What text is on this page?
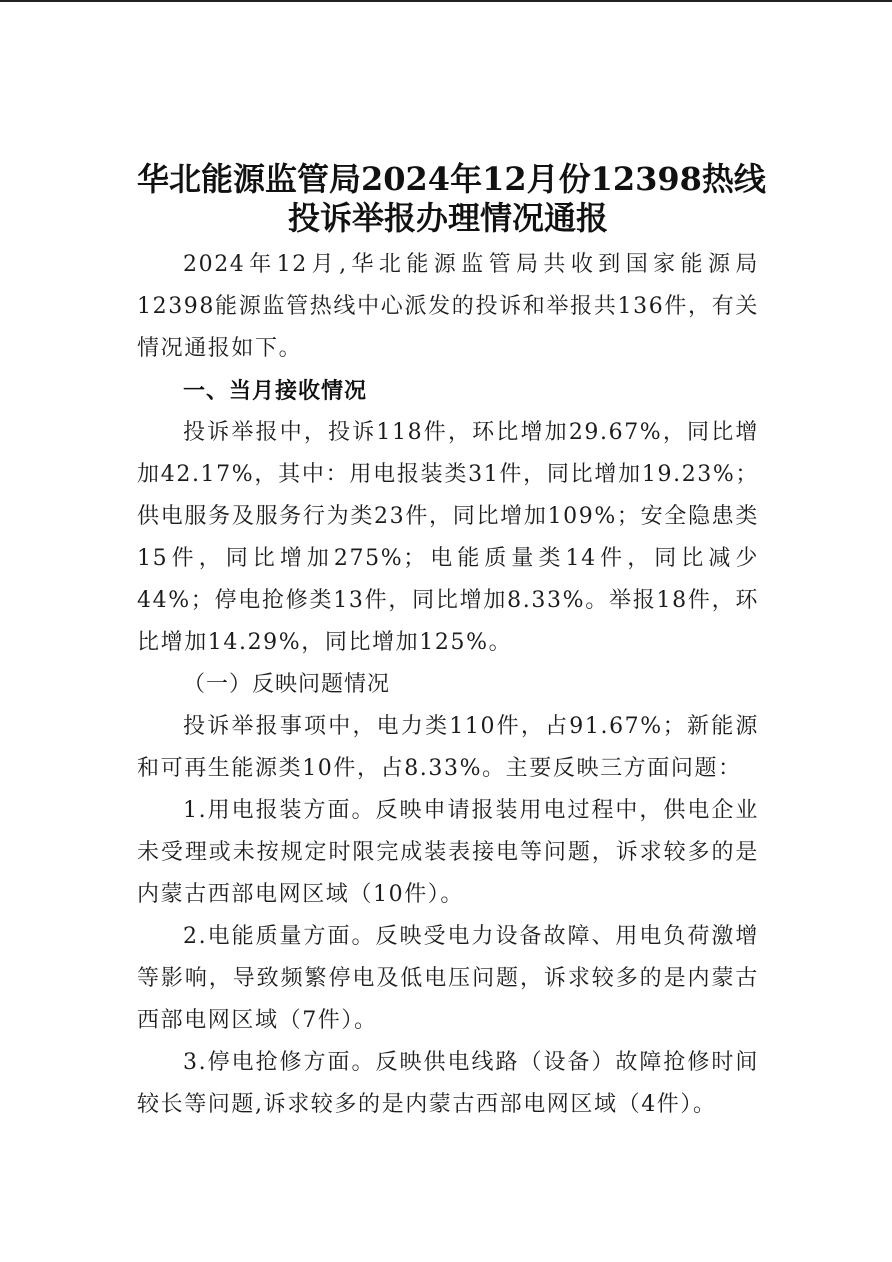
华北能源监管局2024年12月份12398热线
投诉举报办理情况通报
2024年12月,华北能源监管局共收到国家能源局12398能源监管热线中心派发的投诉和举报共136件，有关情况通报如下。
一、当月接收情况
投诉举报中，投诉118件，环比增加29.67%，同比增加42.17%，其中：用电报装类31件，同比增加19.23%；供电服务及服务行为类23件，同比增加109%；安全隐患类15件，同比增加275%；电能质量类14件，同比减少44%；停电抢修类13件，同比增加8.33%。举报18件，环比增加14.29%，同比增加125%。
（一）反映问题情况
投诉举报事项中，电力类110件，占91.67%；新能源和可再生能源类10件，占8.33%。主要反映三方面问题：
1.用电报装方面。反映申请报装用电过程中，供电企业未受理或未按规定时限完成装表接电等问题，诉求较多的是内蒙古西部电网区域（10件）。
2.电能质量方面。反映受电力设备故障、用电负荷激增等影响，导致频繁停电及低电压问题，诉求较多的是内蒙古西部电网区域（7件）。
3.停电抢修方面。反映供电线路（设备）故障抢修时间较长等问题,诉求较多的是内蒙古西部电网区域（4件）。
